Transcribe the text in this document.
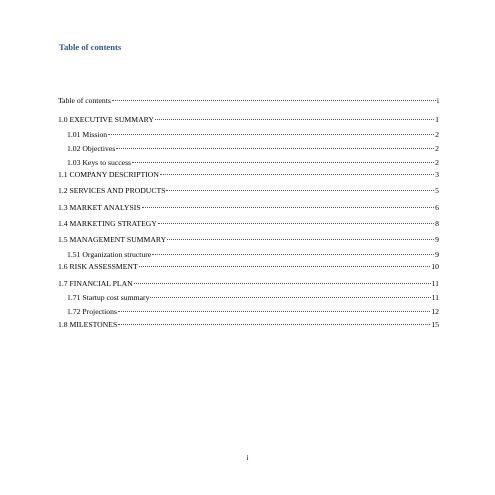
Table of contents
Table of contents	i
1.0 EXECUTIVE SUMMARY	1
1.01 Mission	2
1.02 Objectives	2
1.03 Keys to success	2
1.1 COMPANY DESCRIPTION	3
1.2 SERVICES AND PRODUCTS	5
1.3 MARKET ANALYSIS	6
1.4 MARKETING STRATEGY	8
1.5 MANAGEMENT SUMMARY	9
1.51 Organization structure	9
1.6 RISK ASSESSMENT	10
1.7 FINANCIAL PLAN	11
1.71 Startup cost summary	11
1.72 Projections	12
1.8 MILESTONES	15
i
